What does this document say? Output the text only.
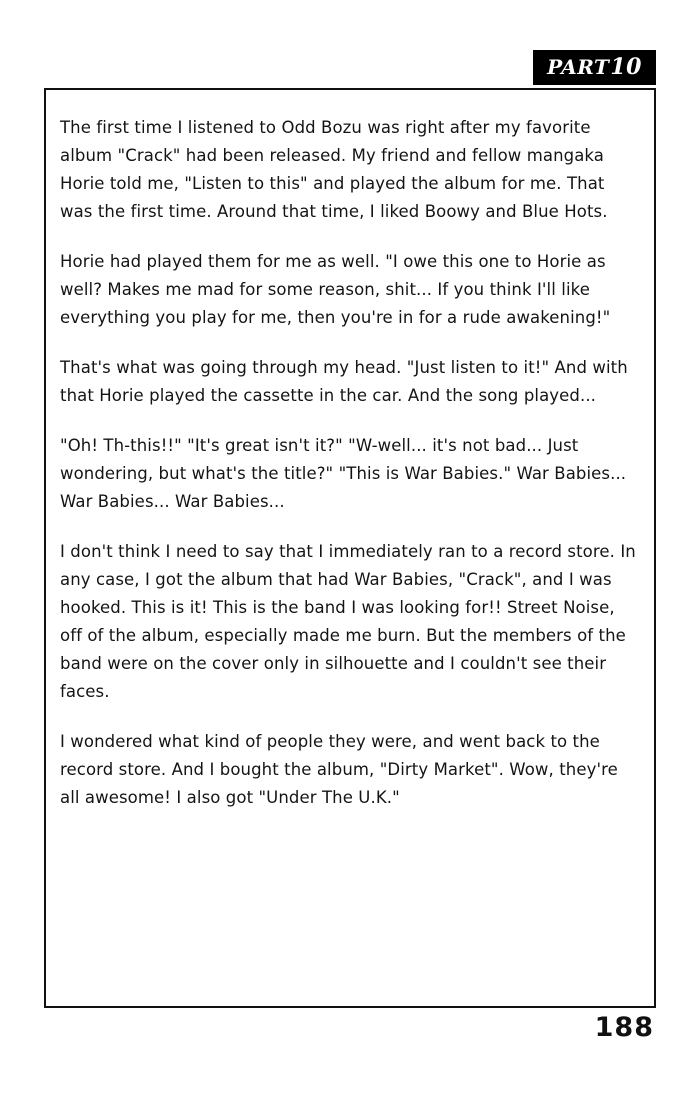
PART 10

The first time I listened to Odd Bozu was right after my favorite album "Crack" had been released. My friend and fellow mangaka Horie told me, "Listen to this" and played the album for me. That was the first time. Around that time, I liked Boowy and Blue Hots.

Horie had played them for me as well. "I owe this one to Horie as well? Makes me mad for some reason, shit... If you think I'll like everything you play for me, then you're in for a rude awakening!"

That's what was going through my head. "Just listen to it!" And with that Horie played the cassette in the car. And the song played...

"Oh! Th-this!!" "It's great isn't it?" "W-well... it's not bad... Just wondering, but what's the title?" "This is War Babies." War Babies... War Babies... War Babies...

I don't think I need to say that I immediately ran to a record store. In any case, I got the album that had War Babies, "Crack", and I was hooked. This is it! This is the band I was looking for!! Street Noise, off of the album, especially made me burn. But the members of the band were on the cover only in silhouette and I couldn't see their faces.

I wondered what kind of people they were, and went back to the record store. And I bought the album, "Dirty Market". Wow, they're all awesome! I also got "Under The U.K."

188
